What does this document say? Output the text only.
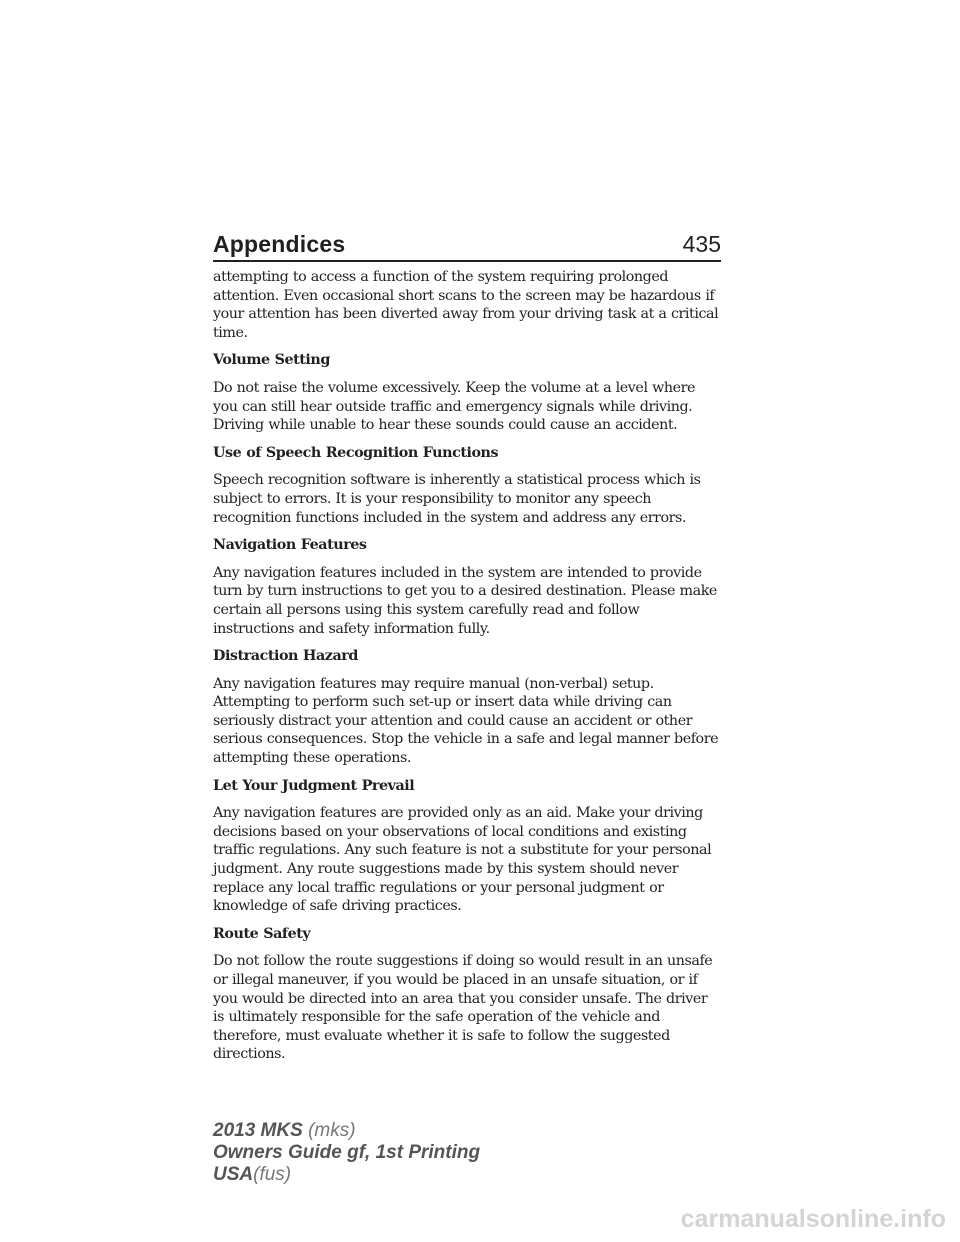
Appendices	435

attempting to access a function of the system requiring prolonged attention. Even occasional short scans to the screen may be hazardous if your attention has been diverted away from your driving task at a critical time.

Volume Setting

Do not raise the volume excessively. Keep the volume at a level where you can still hear outside traffic and emergency signals while driving. Driving while unable to hear these sounds could cause an accident.

Use of Speech Recognition Functions

Speech recognition software is inherently a statistical process which is subject to errors. It is your responsibility to monitor any speech recognition functions included in the system and address any errors.

Navigation Features

Any navigation features included in the system are intended to provide turn by turn instructions to get you to a desired destination. Please make certain all persons using this system carefully read and follow instructions and safety information fully.

Distraction Hazard

Any navigation features may require manual (non-verbal) setup. Attempting to perform such set-up or insert data while driving can seriously distract your attention and could cause an accident or other serious consequences. Stop the vehicle in a safe and legal manner before attempting these operations.

Let Your Judgment Prevail

Any navigation features are provided only as an aid. Make your driving decisions based on your observations of local conditions and existing traffic regulations. Any such feature is not a substitute for your personal judgment. Any route suggestions made by this system should never replace any local traffic regulations or your personal judgment or knowledge of safe driving practices.

Route Safety

Do not follow the route suggestions if doing so would result in an unsafe or illegal maneuver, if you would be placed in an unsafe situation, or if you would be directed into an area that you consider unsafe. The driver is ultimately responsible for the safe operation of the vehicle and therefore, must evaluate whether it is safe to follow the suggested directions.

2013 MKS (mks)
Owners Guide gf, 1st Printing
USA(fus)
carmanualsonline.info
